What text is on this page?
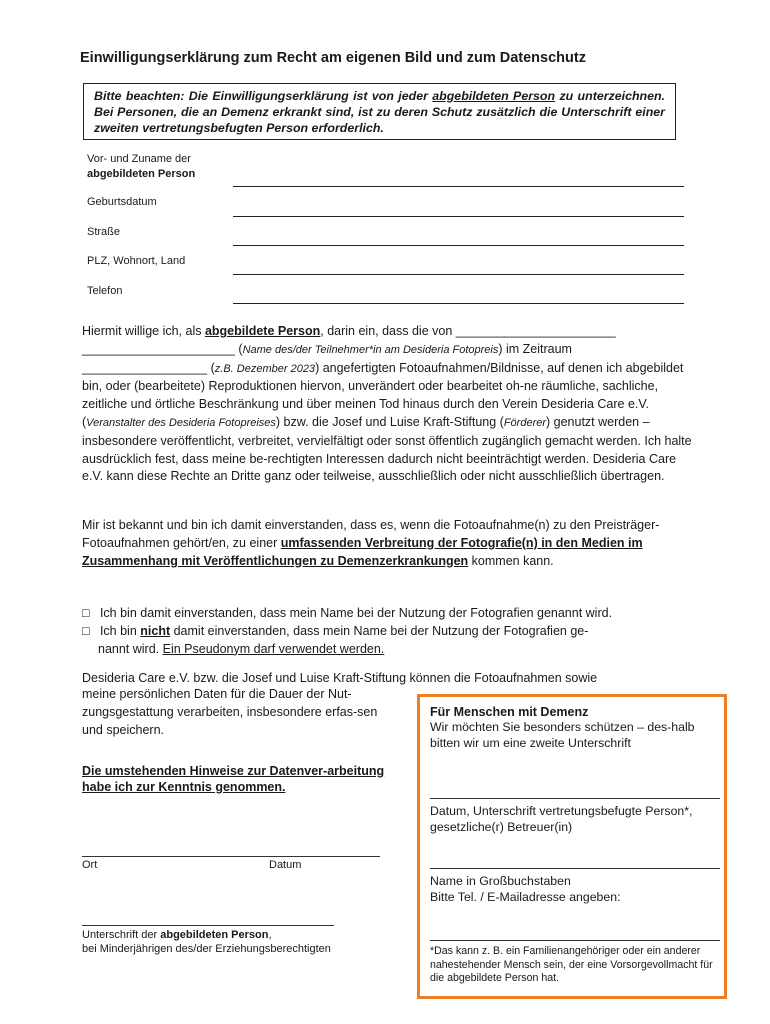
Einwilligungserklärung zum Recht am eigenen Bild und zum Datenschutz
Bitte beachten: Die Einwilligungserklärung ist von jeder abgebildeten Person zu unterzeichnen. Bei Personen, die an Demenz erkrankt sind, ist zu deren Schutz zusätzlich die Unterschrift einer zweiten vertretungsbefugten Person erforderlich.
Vor- und Zuname der
abgebildeten Person
Geburtsdatum
Straße
PLZ, Wohnort, Land
Telefon
Hiermit willige ich, als abgebildete Person, darin ein, dass die von _______________________
______________________ (Name des/der Teilnehmer*in am Desideria Fotopreis) im Zeitraum
__________________ (z.B. Dezember 2023) angefertigten Fotoaufnahmen/Bildnisse, auf denen ich abgebildet bin, oder (bearbeitete) Reproduktionen hiervon, unverändert oder bearbeitet oh-ne räumliche, sachliche, zeitliche und örtliche Beschränkung und über meinen Tod hinaus durch den Verein Desideria Care e.V. (Veranstalter des Desideria Fotopreises) bzw. die Josef und Luise Kraft-Stiftung (Förderer) genutzt werden – insbesondere veröffentlicht, verbreitet, vervielfältigt oder sonst öffentlich zugänglich gemacht werden. Ich halte ausdrücklich fest, dass meine be-rechtigten Interessen dadurch nicht beeinträchtigt werden. Desideria Care e.V. kann diese Rechte an Dritte ganz oder teilweise, ausschließlich oder nicht ausschließlich übertragen.
Mir ist bekannt und bin ich damit einverstanden, dass es, wenn die Fotoaufnahme(n) zu den Preisträger-Fotoaufnahmen gehört/en, zu einer umfassenden Verbreitung der Fotografie(n) in den Medien im Zusammenhang mit Veröffentlichungen zu Demenzerkrankungen kommen kann.
□ Ich bin damit einverstanden, dass mein Name bei der Nutzung der Fotografien genannt wird.
□ Ich bin nicht damit einverstanden, dass mein Name bei der Nutzung der Fotografien ge-
nannt wird. Ein Pseudonym darf verwendet werden.
Desideria Care e.V. bzw. die Josef und Luise Kraft-Stiftung können die Fotoaufnahmen sowie
meine persönlichen Daten für die Dauer der Nut-zungsgestattung verarbeiten, insbesondere erfas-sen und speichern.
Die umstehenden Hinweise zur Datenver-arbeitung habe ich zur Kenntnis genommen.
Ort	Datum
Unterschrift der abgebildeten Person,
bei Minderjährigen des/der Erziehungsberechtigten
Für Menschen mit Demenz
Wir möchten Sie besonders schützen – des-halb bitten wir um eine zweite Unterschrift
Datum, Unterschrift vertretungsbefugte Person*, gesetzliche(r) Betreuer(in)
Name in Großbuchstaben
Bitte Tel. / E-Mailadresse angeben:
*Das kann z. B. ein Familienangehöriger oder ein anderer nahestehender Mensch sein, der eine Vorsorgevollmacht für die abgebildete Person hat.
